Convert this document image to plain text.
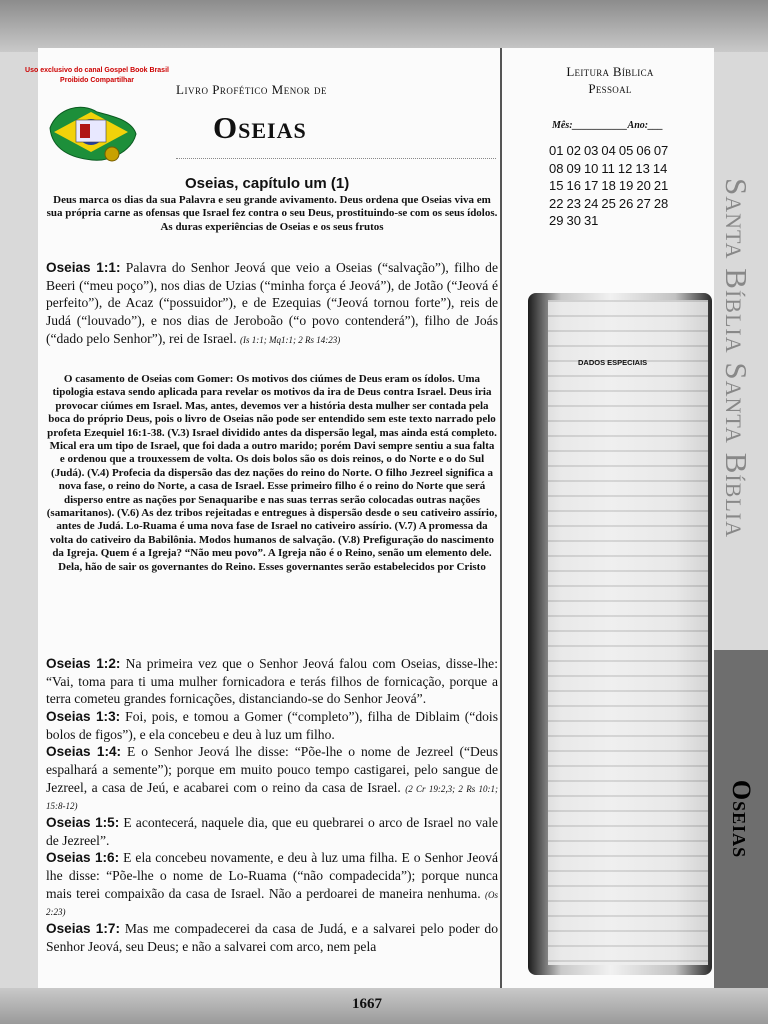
Uso exclusivo do canal Gospel Book Brasil
Proibido Compartilhar
Livro Profético Menor de
Oseias
Oseias, capítulo um (1)
Deus marca os dias da sua Palavra e seu grande avivamento. Deus ordena que Oseias viva em sua própria carne as ofensas que Israel fez contra o seu Deus, prostituindo-se com os seus ídolos. As duras experiências de Oseias e os seus frutos

Oseias 1:1: Palavra do Senhor Jeová que veio a Oseias (“salvação”), filho de Beeri (“meu poço”), nos dias de Uzias (“minha força é Jeová”), de Jotão (“Jeová é perfeito”), de Acaz (“possuidor”), e de Ezequias (“Jeová tornou forte”), reis de Judá (“louvado”), e nos dias de Jeroboão (“o povo contenderá”), filho de Joás (“dado pelo Senhor”), rei de Israel. (Is 1:1; Mq1:1; 2 Rs 14:23)

O casamento de Oseias com Gomer: Os motivos dos ciúmes de Deus eram os ídolos. Uma tipologia estava sendo aplicada para revelar os motivos da ira de Deus contra Israel. Deus iria provocar ciúmes em Israel. Mas, antes, devemos ver a história desta mulher ser contada pela boca do próprio Deus, pois o livro de Oseias não pode ser entendido sem este texto narrado pelo profeta Ezequiel 16:1-38. (V.3) Israel dividido antes da dispersão legal, mas ainda está completo. Mical era um tipo de Israel, que foi dada a outro marido; porém Davi sempre sentiu a sua falta e ordenou que a trouxessem de volta. Os dois bolos são os dois reinos, o do Norte e o do Sul (Judá). (V.4) Profecia da dispersão das dez nações do reino do Norte. O filho Jezreel significa a nova fase, o reino do Norte, a casa de Israel. Esse primeiro filho é o reino do Norte que será disperso entre as nações por Senaquaribe e nas suas terras serão colocadas outras nações (samaritanos). (V.6) As dez tribos rejeitadas e entregues à dispersão desde o seu cativeiro assírio, antes de Judá. Lo-Ruama é uma nova fase de Israel no cativeiro assírio. (V.7) A promessa da volta do cativeiro da Babilônia. Modos humanos de salvação. (V.8) Prefiguração do nascimento da Igreja. Quem é a Igreja? “Não meu povo”. A Igreja não é o Reino, senão um elemento dele. Dela, hão de sair os governantes do Reino. Esses governantes serão estabelecidos por Cristo

Oseias 1:2: Na primeira vez que o Senhor Jeová falou com Oseias, disse-lhe: “Vai, toma para ti uma mulher fornicadora e terás filhos de fornicação, porque a terra cometeu grandes fornicações, distanciando-se do Senhor Jeová”.

Oseias 1:3: Foi, pois, e tomou a Gomer (“completo”), filha de Diblaim (“dois bolos de figos”), e ela concebeu e deu à luz um filho.

Oseias 1:4: E o Senhor Jeová lhe disse: “Põe-lhe o nome de Jezreel (“Deus espalhará a semente”); porque em muito pouco tempo castigarei, pelo sangue de Jezreel, a casa de Jeú, e acabarei com o reino da casa de Israel. (2 Cr 19:2,3; 2 Rs 10:1; 15:8-12)

Oseias 1:5: E acontecerá, naquele dia, que eu quebrarei o arco de Israel no vale de Jezreel”.

Oseias 1:6: E ela concebeu novamente, e deu à luz uma filha. E o Senhor Jeová lhe disse: “Põe-lhe o nome de Lo-Ruama (“não compadecida”); porque nunca mais terei compaixão da casa de Israel. Não a perdoarei de maneira nenhuma. (Os 2:23)

Oseias 1:7: Mas me compadecerei da casa de Judá, e a salvarei pelo poder do Senhor Jeová, seu Deus; e não a salvarei com arco, nem pela

Leitura Bíblica
Pessoal
Mês:___________Ano:___
01 02 03 04 05 06 07
08 09 10 11 12 13 14
15 16 17 18 19 20 21
22 23 24 25 26 27 28
29 30 31
DADOS ESPECIAIS Santa Bíblia Santa Bíblia
Oseias
1667
